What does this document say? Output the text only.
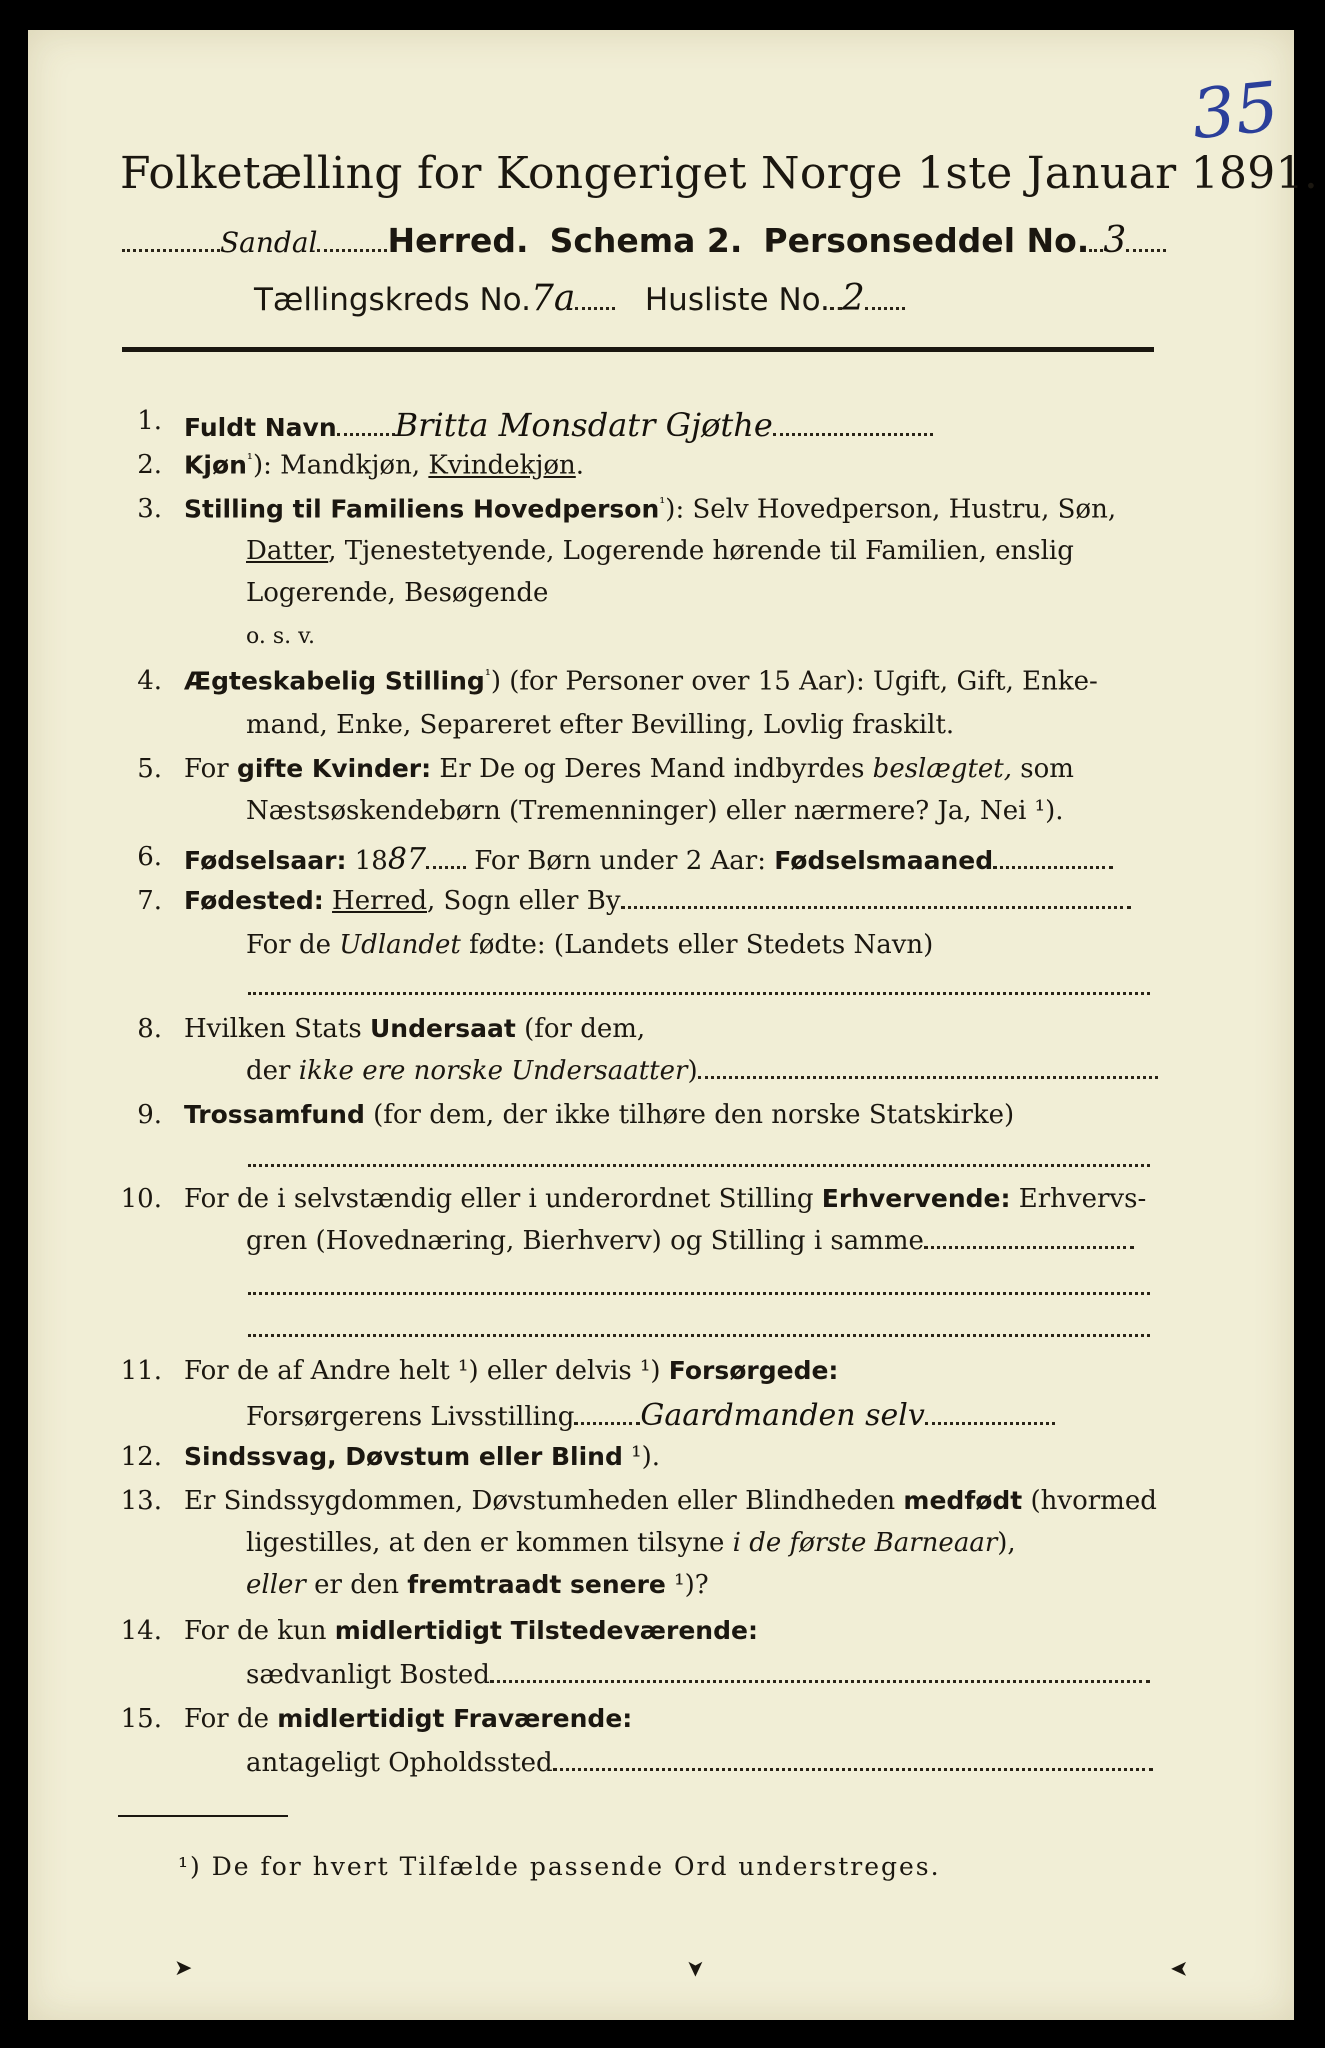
35
Folketælling for Kongeriget Norge 1ste Januar 1891.
Sandal Herred. Schema 2. Personseddel No. 3
Tællingskreds No.7a Husliste No. 2
1. Fuldt Navn Britta Monsdatr Gjøthe
2. Kjøn$^{^1}$): Mandkjøn, Kvindekjøn.
3. Stilling til Familiens Hovedperson$^{^1}$): Selv Hovedperson, Hustru, Søn,
Datter, Tjenestetyende, Logerende hørende til Familien, enslig
Logerende, Besøgende
o. s. v.
4. Ægteskabelig Stilling$^{^1}$) (for Personer over 15 Aar): Ugift, Gift, Enke-
mand, Enke, Separeret efter Bevilling, Lovlig fraskilt.
5. For gifte Kvinder: Er De og Deres Mand indbyrdes beslægtet, som
Næstsøskendebørn (Tremenninger) eller nærmere? Ja, Nei ¹).
6. Fødselsaar: 1887 For Børn under 2 Aar: Fødselsmaaned
7. Fødested: Herred, Sogn eller By
For de Udlandet fødte: (Landets eller Stedets Navn)
8. Hvilken Stats Undersaat (for dem,
der ikke ere norske Undersaatter)
9. Trossamfund (for dem, der ikke tilhøre den norske Statskirke)
10. For de i selvstændig eller i underordnet Stilling Erhvervende: Erhvervs-
gren (Hovednæring, Bierhverv) og Stilling i samme
11. For de af Andre helt ¹) eller delvis ¹) Forsørgede:
Forsørgerens Livsstilling Gaardmanden selv
12. Sindssvag, Døvstum eller Blind ¹).
13. Er Sindssygdommen, Døvstumheden eller Blindheden medfødt (hvormed
ligestilles, at den er kommen tilsyne i de første Barneaar),
eller er den fremtraadt senere ¹)?
14. For de kun midlertidigt Tilstedeværende:
sædvanligt Bosted
15. For de midlertidigt Fraværende:
antageligt Opholdssted
¹) De for hvert Tilfælde passende Ord understreges.
➤	➤	➤
